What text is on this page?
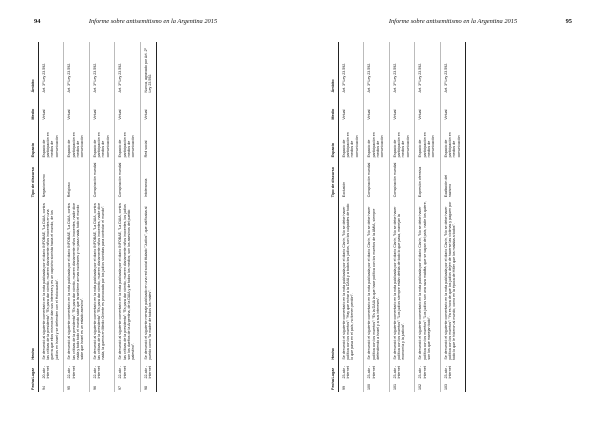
94	Informe sobre antisemitismo en la Argentina 2015
Fecha	Lugar	Hecho	Tipo de discurso	Espacio	Medio	Ámbito
94	20-abr - Internet	Se denunció al siguiente comentario en la nota publicada por el diario INFOBAE, "La DAIA, contra las críticas de la presidenta": "Es para dar vómito, mueren diariamente niños inocentes en una guerra que ellos mismos le dan sus intereses y es un capricho sionista hacia el mundo, de los judíos en Israel y se defienden con el Holocausto".	Negacionismo	Espacio de participación en medios de comunicación	Virtual	Art. 3º Ley 23.592.
95	22-abr - Internet	Se denunció al siguiente comentario en la nota publicada por el diario INFOBAE, "La DAIA, contra las críticas de la presidenta": "Es para dar vómito, mueren diariamente niños inocentes, nadie dice nada y todo todo el mundo sabe que Israel tiene armas nucleares y no pasa nada, todo el mundo sabe que Israel es un estado asesino".	Religioso	Espacio de participación en medios de comunicación	Virtual	Art. 3º Ley 23.592.
96	22-abr - Internet	Se denunció al siguiente comentario en la nota publicada por el diario INFOBAE, "La DAIA, contra las críticas de la presidenta": "Es para dar vómito, mueren diariamente niños inocentes, nadie dice nada, la guerra en Medio Oriente es provocada por los judíos sionistas para controlar el mundo".	Conspiración mundial	Espacio de participación en medios de comunicación	Virtual	Art. 3º Ley 23.592.
97	22-abr - Internet	Se denunció al siguiente comentario en la nota publicada por el diario INFOBAE, "La DAIA, contra las críticas de la presidenta": "Es para dar vómito, mueren diariamente niños inocentes, los judíos son los dueños de la Argentina, de la DAIA y de todos los medios; son los asesinos del pueblo palestino".	Conspiración mundial	Espacio de participación en medios de comunicación	Virtual	Art. 3º Ley 23.592.
98	22-abr - Internet	Se denunció el siguiente mensaje publicado en una red social titulado "Judíos", que calificaba al pueblo como "la madre de todos los males".	Intolerancia	Red social	Virtual	Nunca, agravado por Art. 2º Ley 23.592.
Informe sobre antisemitismo en la Argentina 2015	95
Fecha	Lugar	Hecho	Tipo de discurso	Espacio	Medio	Ámbito
99	23-abr - Internet	Se denunció el siguiente comentario en la nota publicada por el diario Clarín, "No se debe hacer política con los muertos": "Hay que echar a la DAIA y a todos los judíos, son los culpables de todo lo que pasa en el país, no tienen perdón".	Exclusión	Espacio de participación en medios de comunicación	Virtual	Art. 3º Ley 23.592.
100	23-abr - Internet	Se denunció el siguiente comentario en la nota publicada por el diario Clarín, "No se debe hacer política con los muertos": "Es la DAIA la que hace política con los muertos de la AMIA, siempre defendiendo a Israel y a sus intereses".	Conspiración mundial	Espacio de participación en medios de comunicación	Virtual	Art. 3º Ley 23.592.
101	23-abr - Internet	Se denunció el siguiente comentario en la nota publicada por el diario Clarín, "No se debe hacer política con los muertos": "Los judíos siempre están detrás de todo lo que pasa, manejan la economía y la justicia".	Conspiración mundial	Espacio de participación en medios de comunicación	Virtual	Art. 3º Ley 23.592.
102	23-abr - Internet	Se denunció el siguiente comentario en la nota publicada por el diario Clarín, "No se debe hacer política con los muertos": "Los judíos son una raza maldita, que se vayan del país, nadie los quiere, son los que manejan todo".	Expresión ofensiva	Espacio de participación en medios de comunicación	Virtual	Art. 3º Ley 23.592.
103	23-abr - Internet	Se denunció el siguiente comentario en la nota publicada por el diario Clarín, "No se debe hacer política con los muertos": "Ya es hora de que los judíos dejen de hacerse las víctimas y paguen por todo lo que le hicieron al mundo, como en la época de Hitler que los mataba a todos".	Exaltación del nazismo	Espacio de participación en medios de comunicación	Virtual	Art. 3º Ley 23.592.
